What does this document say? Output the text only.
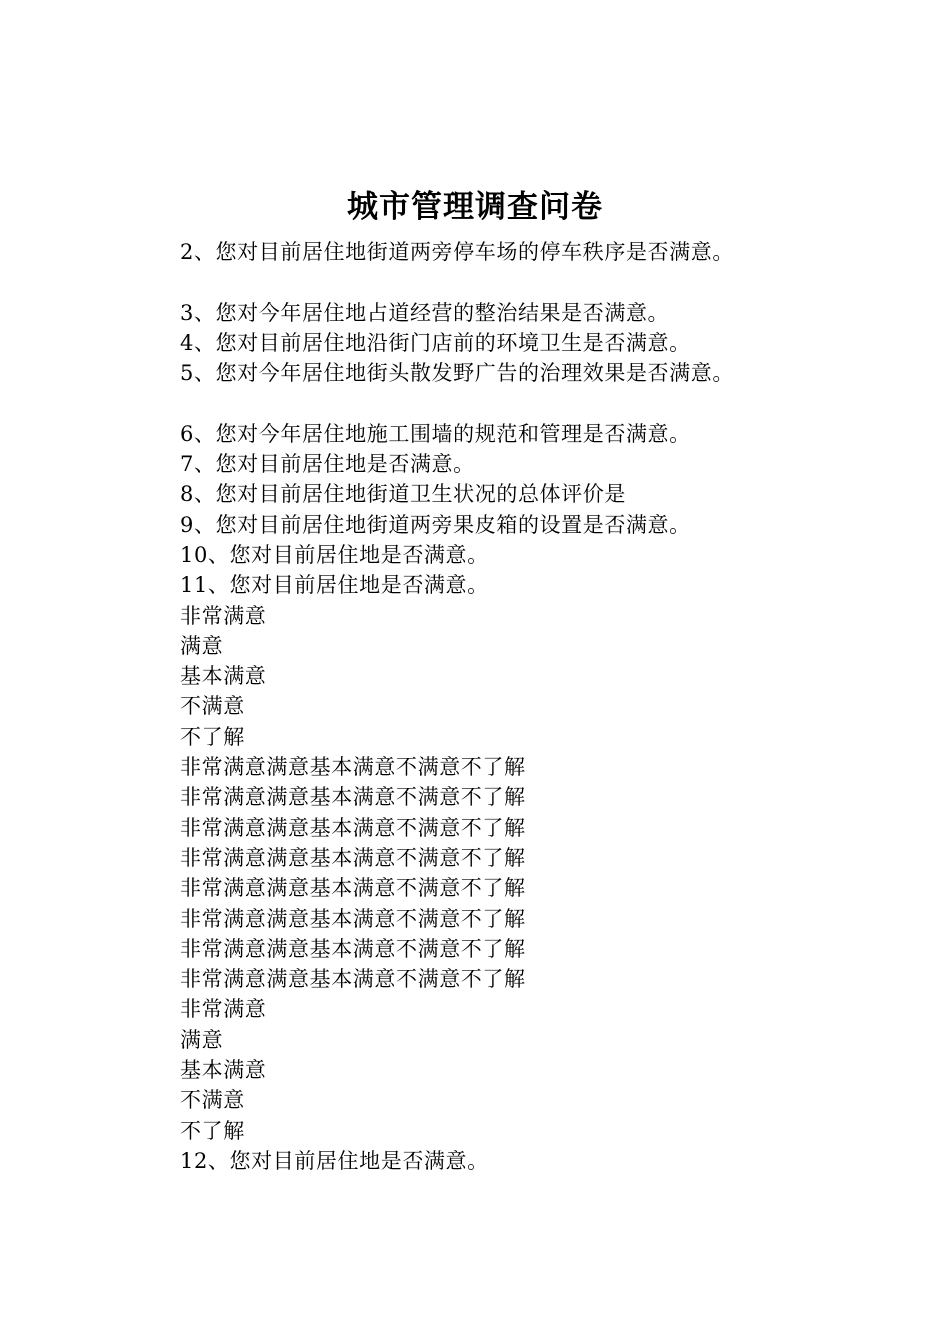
城市管理调查问卷
2、您对目前居住地街道两旁停车场的停车秩序是否满意。
3、您对今年居住地占道经营的整治结果是否满意。
4、您对目前居住地沿街门店前的环境卫生是否满意。
5、您对今年居住地街头散发野广告的治理效果是否满意。
6、您对今年居住地施工围墙的规范和管理是否满意。
7、您对目前居住地是否满意。
8、您对目前居住地街道卫生状况的总体评价是
9、您对目前居住地街道两旁果皮箱的设置是否满意。
10、您对目前居住地是否满意。
11、您对目前居住地是否满意。
非常满意
满意
基本满意
不满意
不了解
非常满意满意基本满意不满意不了解
非常满意满意基本满意不满意不了解
非常满意满意基本满意不满意不了解
非常满意满意基本满意不满意不了解
非常满意满意基本满意不满意不了解
非常满意满意基本满意不满意不了解
非常满意满意基本满意不满意不了解
非常满意满意基本满意不满意不了解
非常满意
满意
基本满意
不满意
不了解
12、您对目前居住地是否满意。
